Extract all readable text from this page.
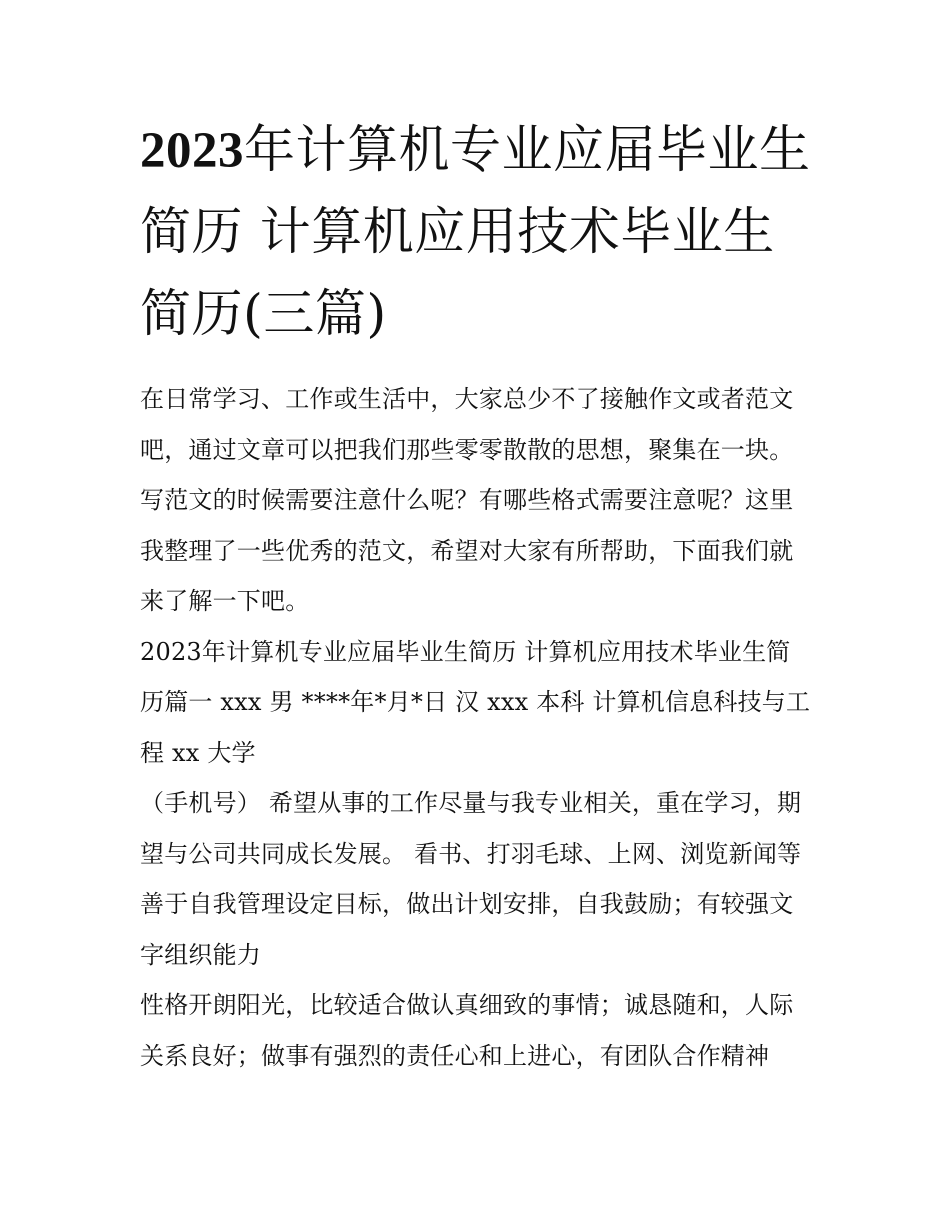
2023年计算机专业应届毕业生简历 计算机应用技术毕业生简历(三篇)

在日常学习、工作或生活中，大家总少不了接触作文或者范文吧，通过文章可以把我们那些零零散散的思想，聚集在一块。写范文的时候需要注意什么呢？有哪些格式需要注意呢？这里我整理了一些优秀的范文，希望对大家有所帮助，下面我们就来了解一下吧。

2023年计算机专业应届毕业生简历 计算机应用技术毕业生简历篇一 xxx 男 ****年*月*日 汉 xxx 本科 计算机信息科技与工程 xx 大学

（手机号） 希望从事的工作尽量与我专业相关，重在学习，期望与公司共同成长发展。 看书、打羽毛球、上网、浏览新闻等

善于自我管理设定目标，做出计划安排，自我鼓励；有较强文字组织能力

性格开朗阳光，比较适合做认真细致的事情；诚恳随和，人际关系良好；做事有强烈的责任心和上进心，有团队合作精神
